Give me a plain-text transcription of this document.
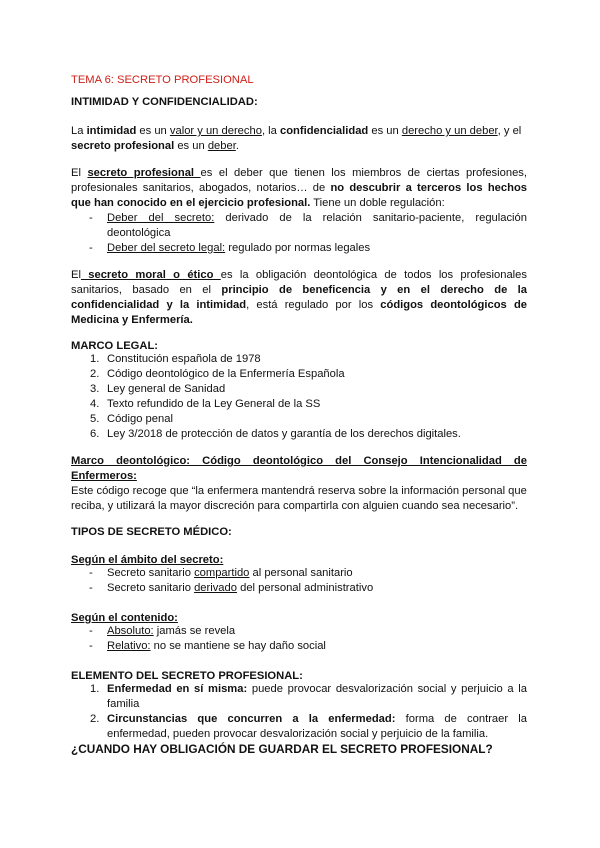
TEMA 6: SECRETO PROFESIONAL
INTIMIDAD Y CONFIDENCIALIDAD:

La intimidad es un valor y un derecho, la confidencialidad es un derecho y un deber, y el secreto profesional es un deber.

El secreto profesional es el deber que tienen los miembros de ciertas profesiones, profesionales sanitarios, abogados, notarios… de no descubrir a terceros los hechos que han conocido en el ejercicio profesional. Tiene un doble regulación:

- Deber del secreto: derivado de la relación sanitario-paciente, regulación deontológica
- Deber del secreto legal: regulado por normas legales

El secreto moral o ético es la obligación deontológica de todos los profesionales sanitarios, basado en el principio de beneficencia y en el derecho de la confidencialidad y la intimidad, está regulado por los códigos deontológicos de Medicina y Enfermería.

MARCO LEGAL:
1. Constitución española de 1978
2. Código deontológico de la Enfermería Española
3. Ley general de Sanidad
4. Texto refundido de la Ley General de la SS
5. Código penal
6. Ley 3/2018 de protección de datos y garantía de los derechos digitales.

Marco deontológico: Código deontológico del Consejo Intencionalidad de Enfermeros:

Este código recoge que “la enfermera mantendrá reserva sobre la información personal que reciba, y utilizará la mayor discreción para compartirla con alguien cuando sea necesario”.

TIPOS DE SECRETO MÉDICO:
Según el ámbito del secreto:
- Secreto sanitario compartido al personal sanitario
- Secreto sanitario derivado del personal administrativo
Según el contenido:
- Absoluto: jamás se revela
- Relativo: no se mantiene se hay daño social
ELEMENTO DEL SECRETO PROFESIONAL:
1. Enfermedad en sí misma: puede provocar desvalorización social y perjuicio a la familia
2. Circunstancias que concurren a la enfermedad: forma de contraer la enfermedad, pueden provocar desvalorización social y perjuicio de la familia.
¿CUANDO HAY OBLIGACIÓN DE GUARDAR EL SECRETO PROFESIONAL?
